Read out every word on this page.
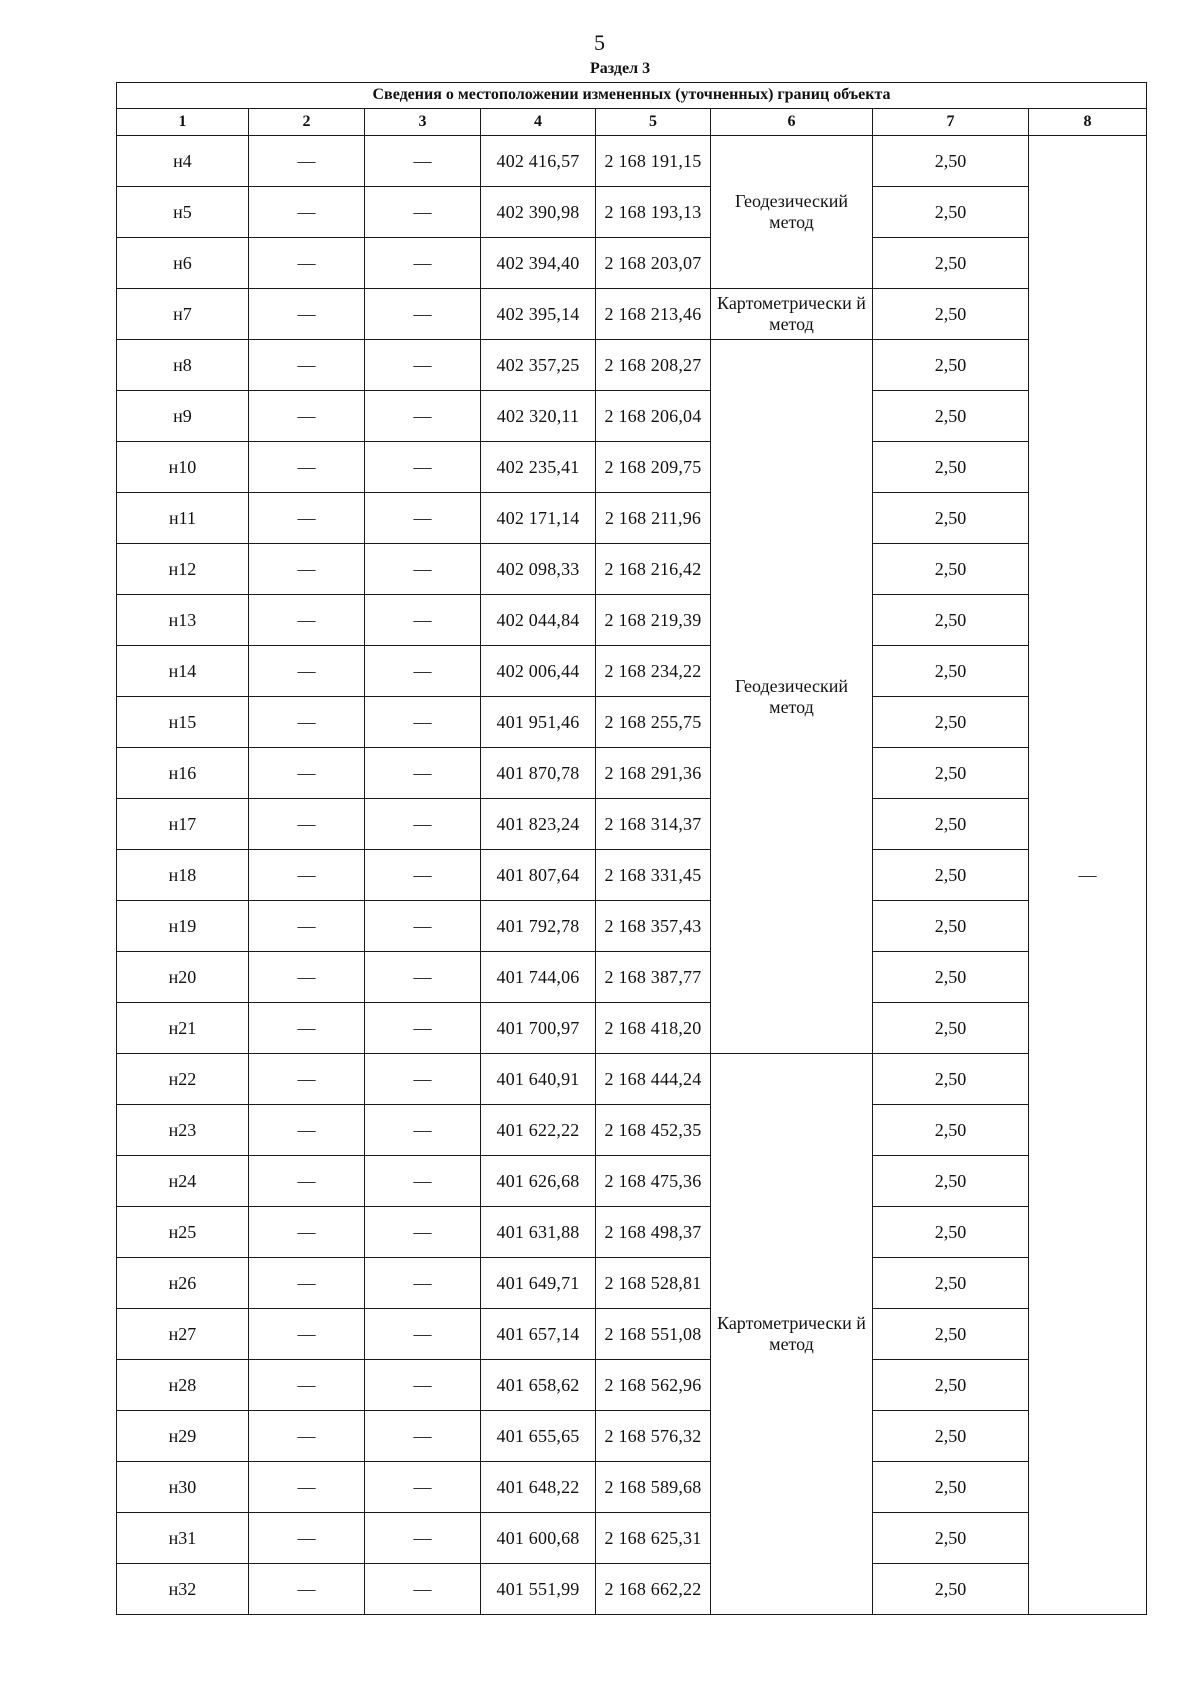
5
Раздел 3
Сведения о местоположении измененных (уточненных) границ объекта							
1	2	3	4	5	6	7	8
н4	—	—	402 416,57	2 168 191,15	Геодезический метод	2,50	—
н5	—	—	402 390,98	2 168 193,13		2,50	
н6	—	—	402 394,40	2 168 203,07		2,50	
н7	—	—	402 395,14	2 168 213,46	Картометрически й метод	2,50	
н8	—	—	402 357,25	2 168 208,27	Геодезический метод	2,50	
н9	—	—	402 320,11	2 168 206,04		2,50	
н10	—	—	402 235,41	2 168 209,75		2,50	
н11	—	—	402 171,14	2 168 211,96		2,50	
н12	—	—	402 098,33	2 168 216,42		2,50	
н13	—	—	402 044,84	2 168 219,39		2,50	
н14	—	—	402 006,44	2 168 234,22		2,50	
н15	—	—	401 951,46	2 168 255,75		2,50	
н16	—	—	401 870,78	2 168 291,36		2,50	
н17	—	—	401 823,24	2 168 314,37		2,50	
н18	—	—	401 807,64	2 168 331,45		2,50	
н19	—	—	401 792,78	2 168 357,43		2,50	
н20	—	—	401 744,06	2 168 387,77		2,50	
н21	—	—	401 700,97	2 168 418,20		2,50	
н22	—	—	401 640,91	2 168 444,24	Картометрически й метод	2,50	
н23	—	—	401 622,22	2 168 452,35		2,50	
н24	—	—	401 626,68	2 168 475,36		2,50	
н25	—	—	401 631,88	2 168 498,37		2,50	
н26	—	—	401 649,71	2 168 528,81		2,50	
н27	—	—	401 657,14	2 168 551,08		2,50	
н28	—	—	401 658,62	2 168 562,96		2,50	
н29	—	—	401 655,65	2 168 576,32		2,50	
н30	—	—	401 648,22	2 168 589,68		2,50	
н31	—	—	401 600,68	2 168 625,31		2,50	
н32	—	—	401 551,99	2 168 662,22		2,50	
